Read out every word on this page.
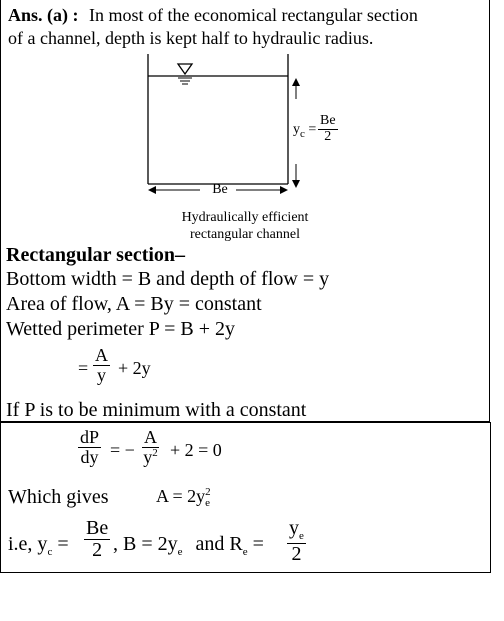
Ans. (a) : In most of the economical rectangular section
of a channel, depth is kept half to hydraulic radius.
$y_c = \frac{Be}{2}$
Be
Hydraulically efficient
rectangular channel
Rectangular section–
Bottom width = B and depth of flow = y
Area of flow, A = By = constant
Wetted perimeter P = B + 2y
= $\frac{A}{y} + 2y$
If P is to be minimum with a constant
$\frac{dP}{dy}$ = − $\frac{A}{y^2} + 2 = 0$
Which gives	A = 2y 2
e
i.e, $y_c = \frac{Be}{2}$ , $B = 2y_e$ and $R_e = \frac{y_e}{2}$
